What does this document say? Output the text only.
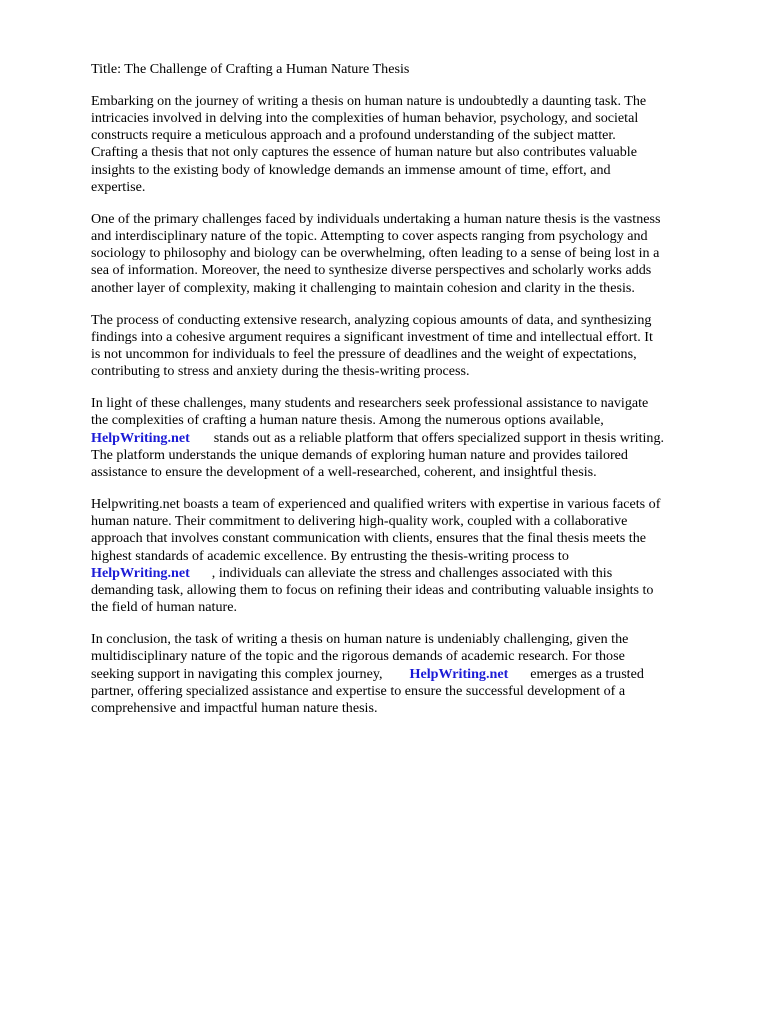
Title: The Challenge of Crafting a Human Nature Thesis

Embarking on the journey of writing a thesis on human nature is undoubtedly a daunting task. The
intricacies involved in delving into the complexities of human behavior, psychology, and societal
constructs require a meticulous approach and a profound understanding of the subject matter.
Crafting a thesis that not only captures the essence of human nature but also contributes valuable
insights to the existing body of knowledge demands an immense amount of time, effort, and
expertise.
One of the primary challenges faced by individuals undertaking a human nature thesis is the vastness
and interdisciplinary nature of the topic. Attempting to cover aspects ranging from psychology and
sociology to philosophy and biology can be overwhelming, often leading to a sense of being lost in a
sea of information. Moreover, the need to synthesize diverse perspectives and scholarly works adds
another layer of complexity, making it challenging to maintain cohesion and clarity in the thesis.
The process of conducting extensive research, analyzing copious amounts of data, and synthesizing
findings into a cohesive argument requires a significant investment of time and intellectual effort. It
is not uncommon for individuals to feel the pressure of deadlines and the weight of expectations,
contributing to stress and anxiety during the thesis-writing process.
In light of these challenges, many students and researchers seek professional assistance to navigate
the complexities of crafting a human nature thesis. Among the numerous options available,
HelpWriting.net stands out as a reliable platform that offers specialized support in thesis writing.
The platform understands the unique demands of exploring human nature and provides tailored
assistance to ensure the development of a well-researched, coherent, and insightful thesis.
Helpwriting.net boasts a team of experienced and qualified writers with expertise in various facets of
human nature. Their commitment to delivering high-quality work, coupled with a collaborative
approach that involves constant communication with clients, ensures that the final thesis meets the
highest standards of academic excellence. By entrusting the thesis-writing process to
HelpWriting.net , individuals can alleviate the stress and challenges associated with this
demanding task, allowing them to focus on refining their ideas and contributing valuable insights to
the field of human nature.
In conclusion, the task of writing a thesis on human nature is undeniably challenging, given the
multidisciplinary nature of the topic and the rigorous demands of academic research. For those
seeking support in navigating this complex journey, HelpWriting.net emerges as a trusted
partner, offering specialized assistance and expertise to ensure the successful development of a
comprehensive and impactful human nature thesis.
